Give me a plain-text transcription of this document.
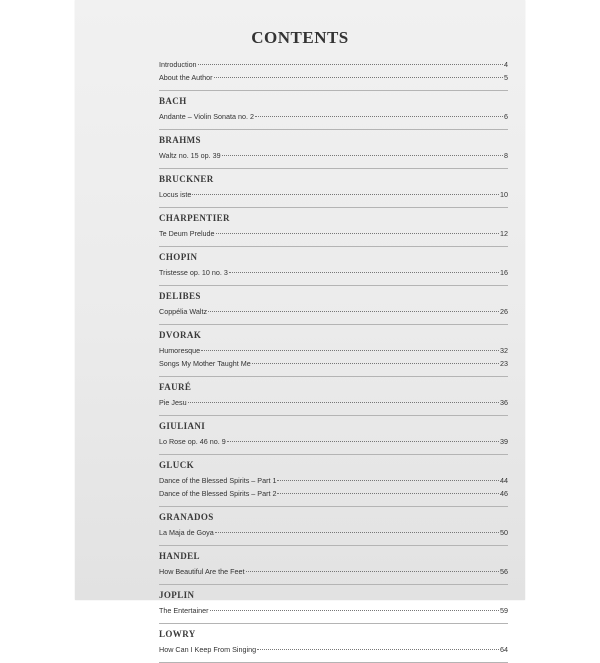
CONTENTS
Introduction	4
About the Author	5
BACH
Andante – Violin Sonata no. 2	6
BRAHMS
Waltz no. 15 op. 39	8
BRUCKNER
Locus iste	10
CHARPENTIER
Te Deum Prelude	12
CHOPIN
Tristesse op. 10 no. 3	16
DELIBES
Coppélia Waltz	26
DVORAK
Humoresque	32
Songs My Mother Taught Me	23
FAURÉ
Pie Jesu	36
GIULIANI
Lo Rose op. 46 no. 9	39
GLUCK
Dance of the Blessed Spirits – Part 1	44
Dance of the Blessed Spirits – Part 2	46
GRANADOS
La Maja de Goya	50
HANDEL
How Beautiful Are the Feet	56
JOPLIN
The Entertainer	59
LOWRY
How Can I Keep From Singing	64
